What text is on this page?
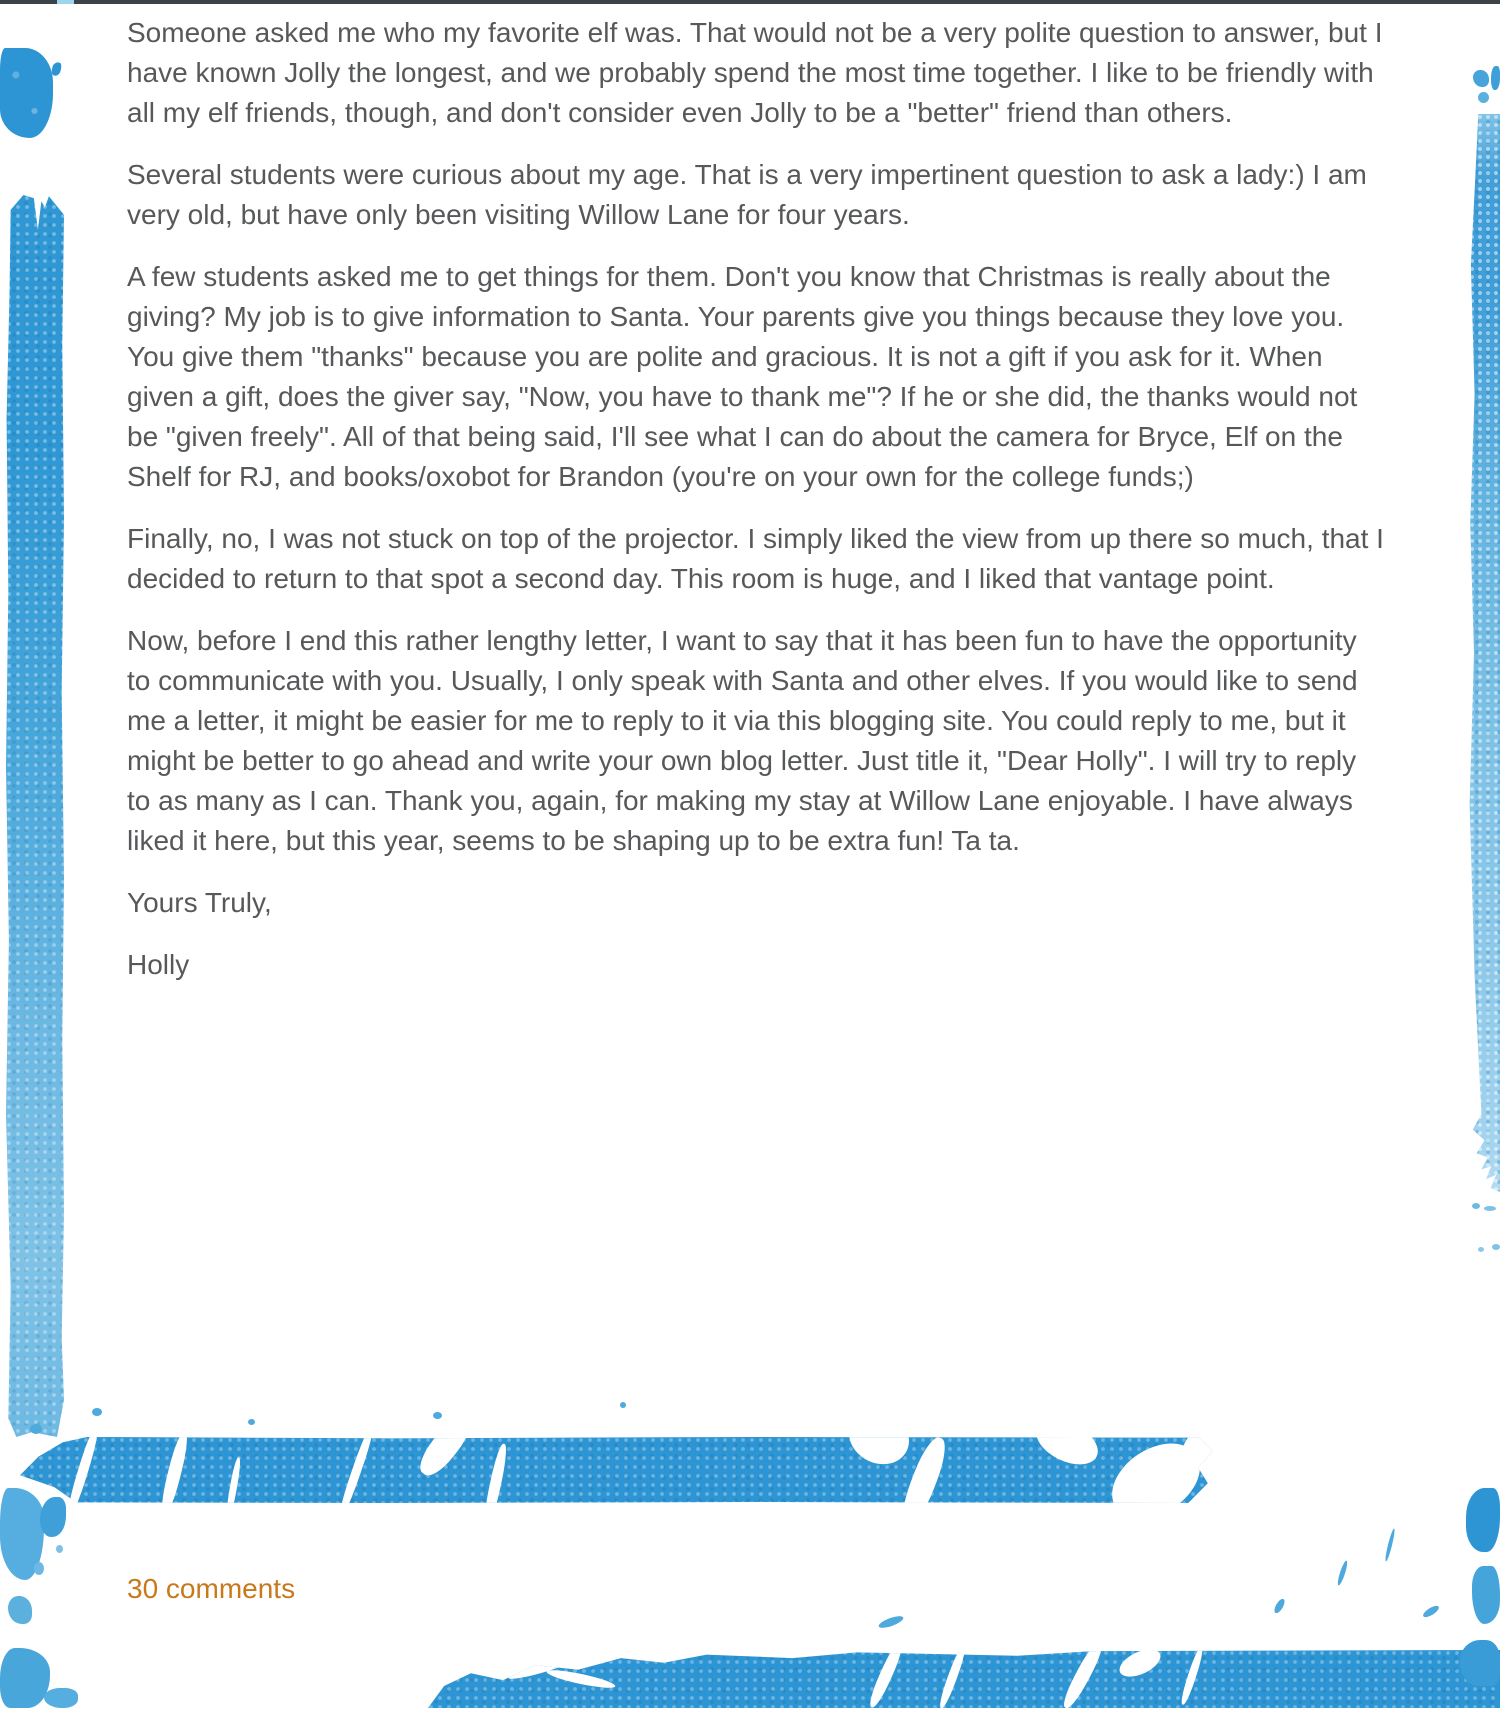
Someone asked me who my favorite elf was. That would not be a very polite question to answer, but I have known Jolly the longest, and we probably spend the most time together. I like to be friendly with all my elf friends, though, and don't consider even Jolly to be a "better" friend than others.

Several students were curious about my age. That is a very impertinent question to ask a lady:) I am very old, but have only been visiting Willow Lane for four years.

A few students asked me to get things for them. Don't you know that Christmas is really about the giving? My job is to give information to Santa. Your parents give you things because they love you. You give them "thanks" because you are polite and gracious. It is not a gift if you ask for it. When given a gift, does the giver say, "Now, you have to thank me"? If he or she did, the thanks would not be "given freely". All of that being said, I'll see what I can do about the camera for Bryce, Elf on the Shelf for RJ, and books/oxobot for Brandon (you're on your own for the college funds;)

Finally, no, I was not stuck on top of the projector. I simply liked the view from up there so much, that I decided to return to that spot a second day. This room is huge, and I liked that vantage point.

Now, before I end this rather lengthy letter, I want to say that it has been fun to have the opportunity to communicate with you. Usually, I only speak with Santa and other elves. If you would like to send me a letter, it might be easier for me to reply to it via this blogging site. You could reply to me, but it might be better to go ahead and write your own blog letter. Just title it, "Dear Holly". I will try to reply to as many as I can. Thank you, again, for making my stay at Willow Lane enjoyable. I have always liked it here, but this year, seems to be shaping up to be extra fun! Ta ta.

Yours Truly,

Holly

30 comments
